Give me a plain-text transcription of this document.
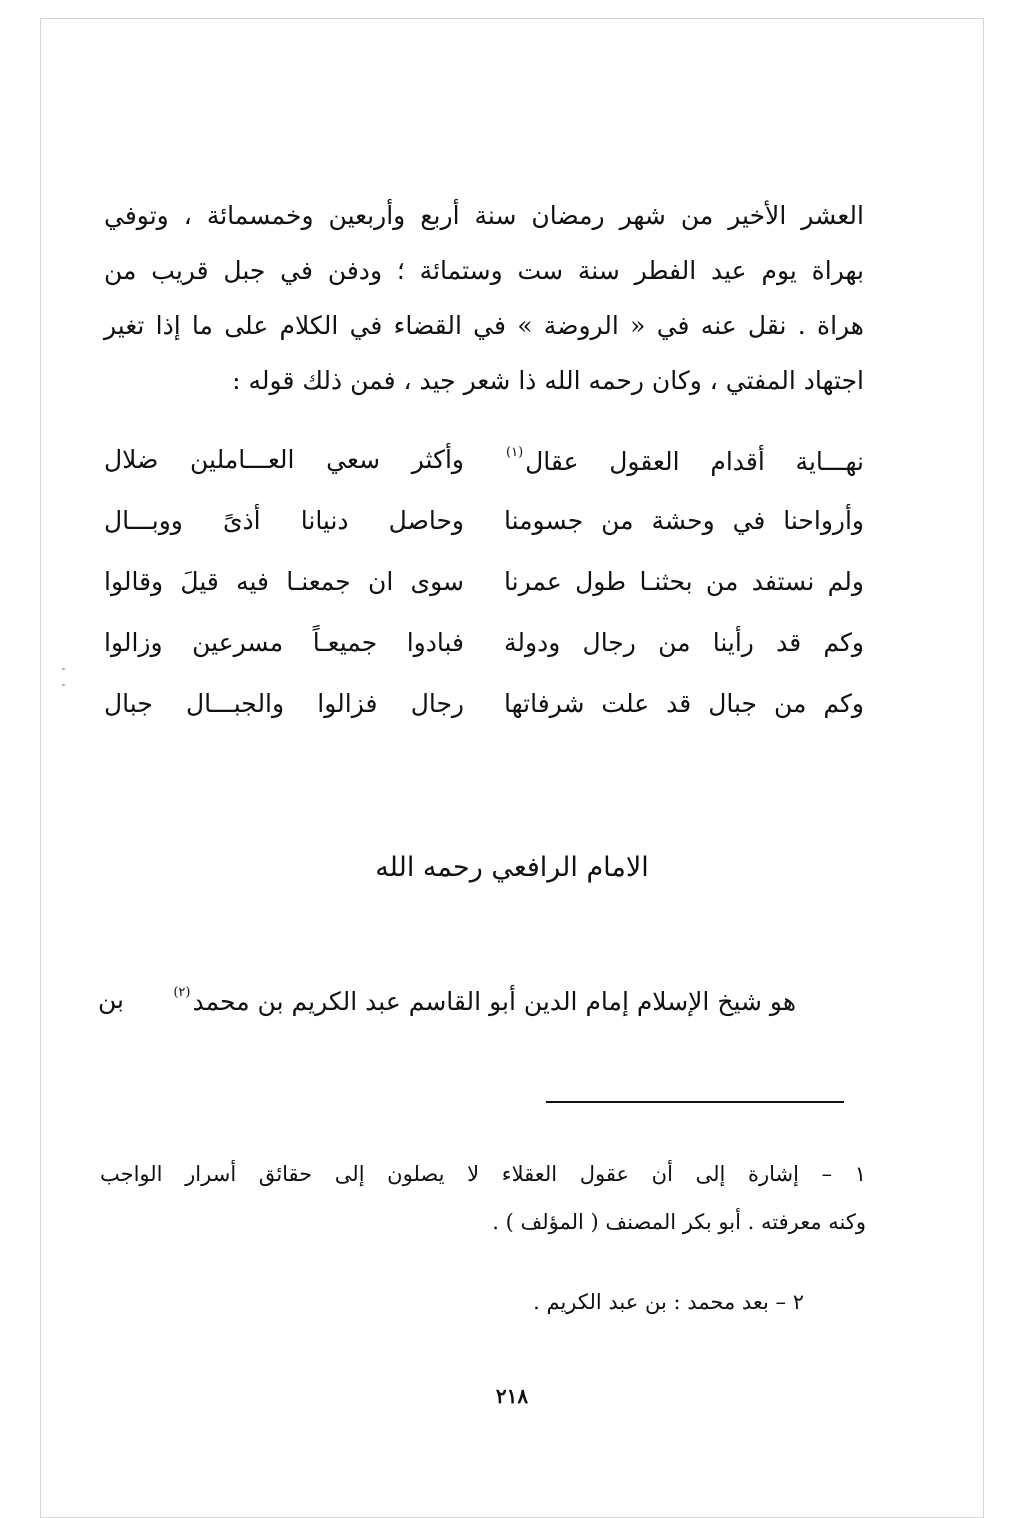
العشر الأخير من شهر رمضان سنة أربع وأربعين وخمسمائة ، وتوفي
بهراة يوم عيد الفطر سنة ست وستمائة ؛ ودفن في جبل قريب من
هراة . نقل عنه في « الروضة » في القضاء في الكلام على ما إذا تغير
اجتهاد المفتي ، وكان رحمه الله ذا شعر جيد ، فمن ذلك قوله :
نهـــاية أقدام العقول عقال$^{(١)}$
وأكثر سعي العـــاملين ضلال
وأرواحنا في وحشة من جسومنا
وحاصل دنيانا أذىً ووبـــال
ولم نستفد من بحثنـا طول عمرنا
سوى ان جمعنـا فيه قيلَ وقالوا
وكم قد رأينا من رجال ودولة
فبادوا جميعـاً مسرعين وزالوا
وكم من جبال قد علت شرفاتها
رجال فزالوا والجبـــال جبال
الامام الرافعي رحمه الله
هو شيخ الإسلام إمام الدين أبو القاسم عبد الكريم بن محمد$^{(٢)}$
بن
١ – إشارة إلى أن عقول العقلاء لا يصلون إلى حقائق أسرار الواجب
وكنه معرفته . أبو بكر المصنف ( المؤلف ) .
٢ – بعد محمد : بن عبد الكريم .
٢١٨
